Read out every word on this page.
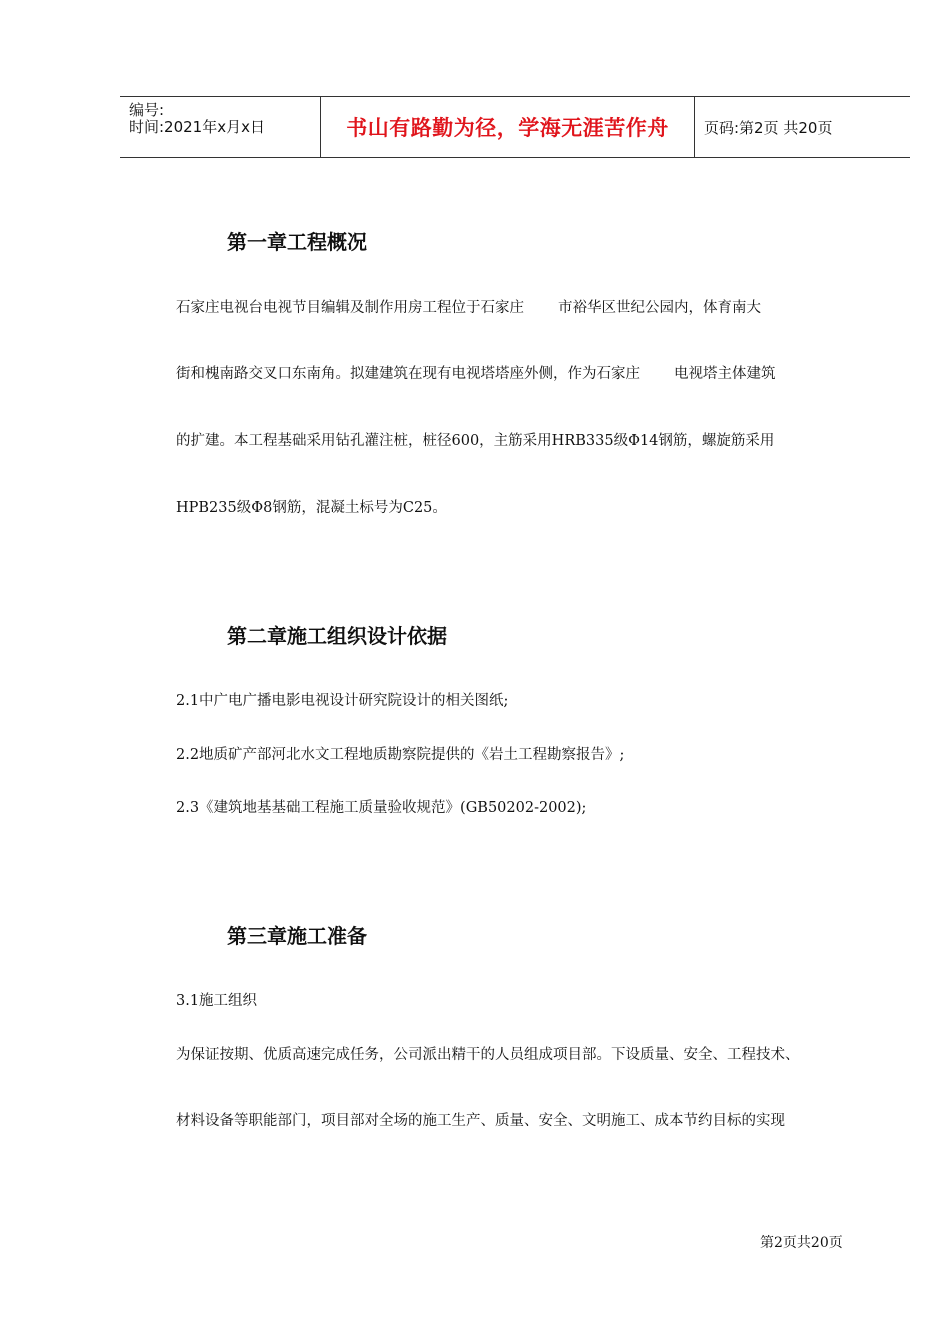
编号:
时间:2021年x月x日	书山有路勤为径，学海无涯苦作舟 页码:第2页 共20页
第一章工程概况
石家庄电视台电视节目编辑及制作用房工程位于石家庄 市裕华区世纪公园内，体育南大
街和槐南路交叉口东南角。拟建建筑在现有电视塔塔座外侧，作为石家庄 电视塔主体建筑
的扩建。本工程基础采用钻孔灌注桩，桩径600，主筋采用HRB335级Φ14钢筋，螺旋筋采用
HPB235级Φ8钢筋，混凝土标号为C25。
第二章施工组织设计依据
2.1中广电广播电影电视设计研究院设计的相关图纸;
2.2地质矿产部河北水文工程地质勘察院提供的《岩土工程勘察报告》;
2.3《建筑地基基础工程施工质量验收规范》(GB50202-2002);
第三章施工准备
3.1施工组织
为保证按期、优质高速完成任务，公司派出精干的人员组成项目部。下设质量、安全、工程技术、
材料设备等职能部门，项目部对全场的施工生产、质量、安全、文明施工、成本节约目标的实现
第2页共20页
